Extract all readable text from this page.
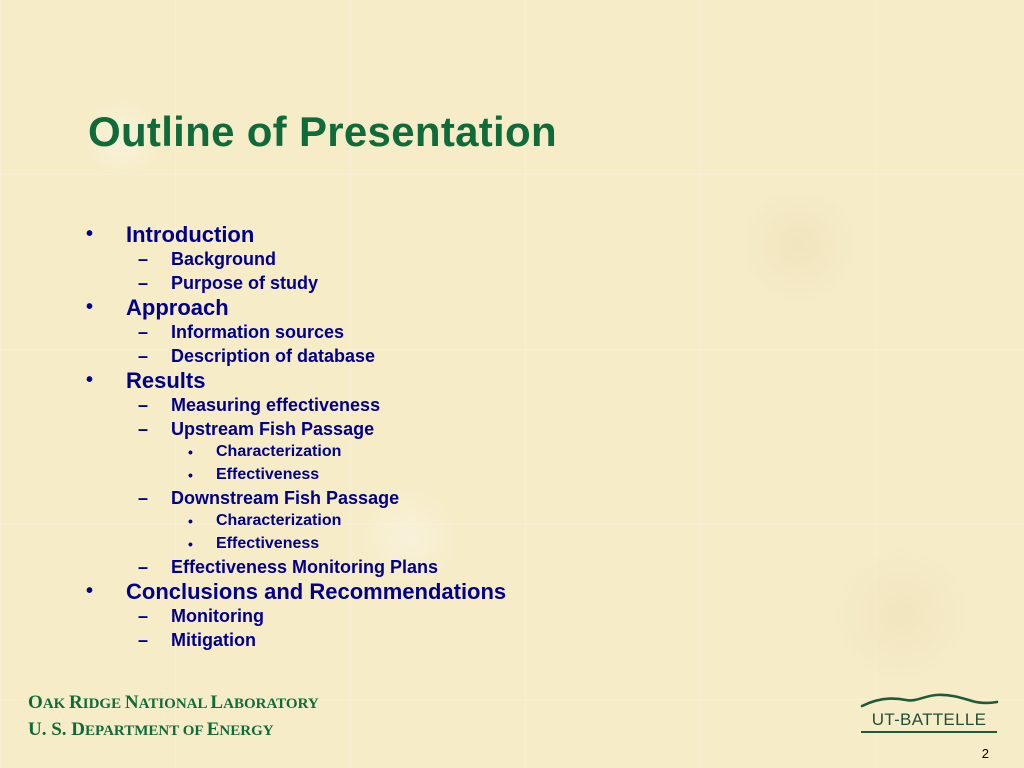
Outline of Presentation
• Introduction
– Background
– Purpose of study
• Approach
– Information sources
– Description of database
• Results
– Measuring effectiveness
– Upstream Fish Passage
• Characterization
• Effectiveness
– Downstream Fish Passage
• Characterization
• Effectiveness
– Effectiveness Monitoring Plans
• Conclusions and Recommendations
– Monitoring
– Mitigation
OAK RIDGE NATIONAL LABORATORY
U. S. DEPARTMENT OF ENERGY
UT-BATTELLE
2
